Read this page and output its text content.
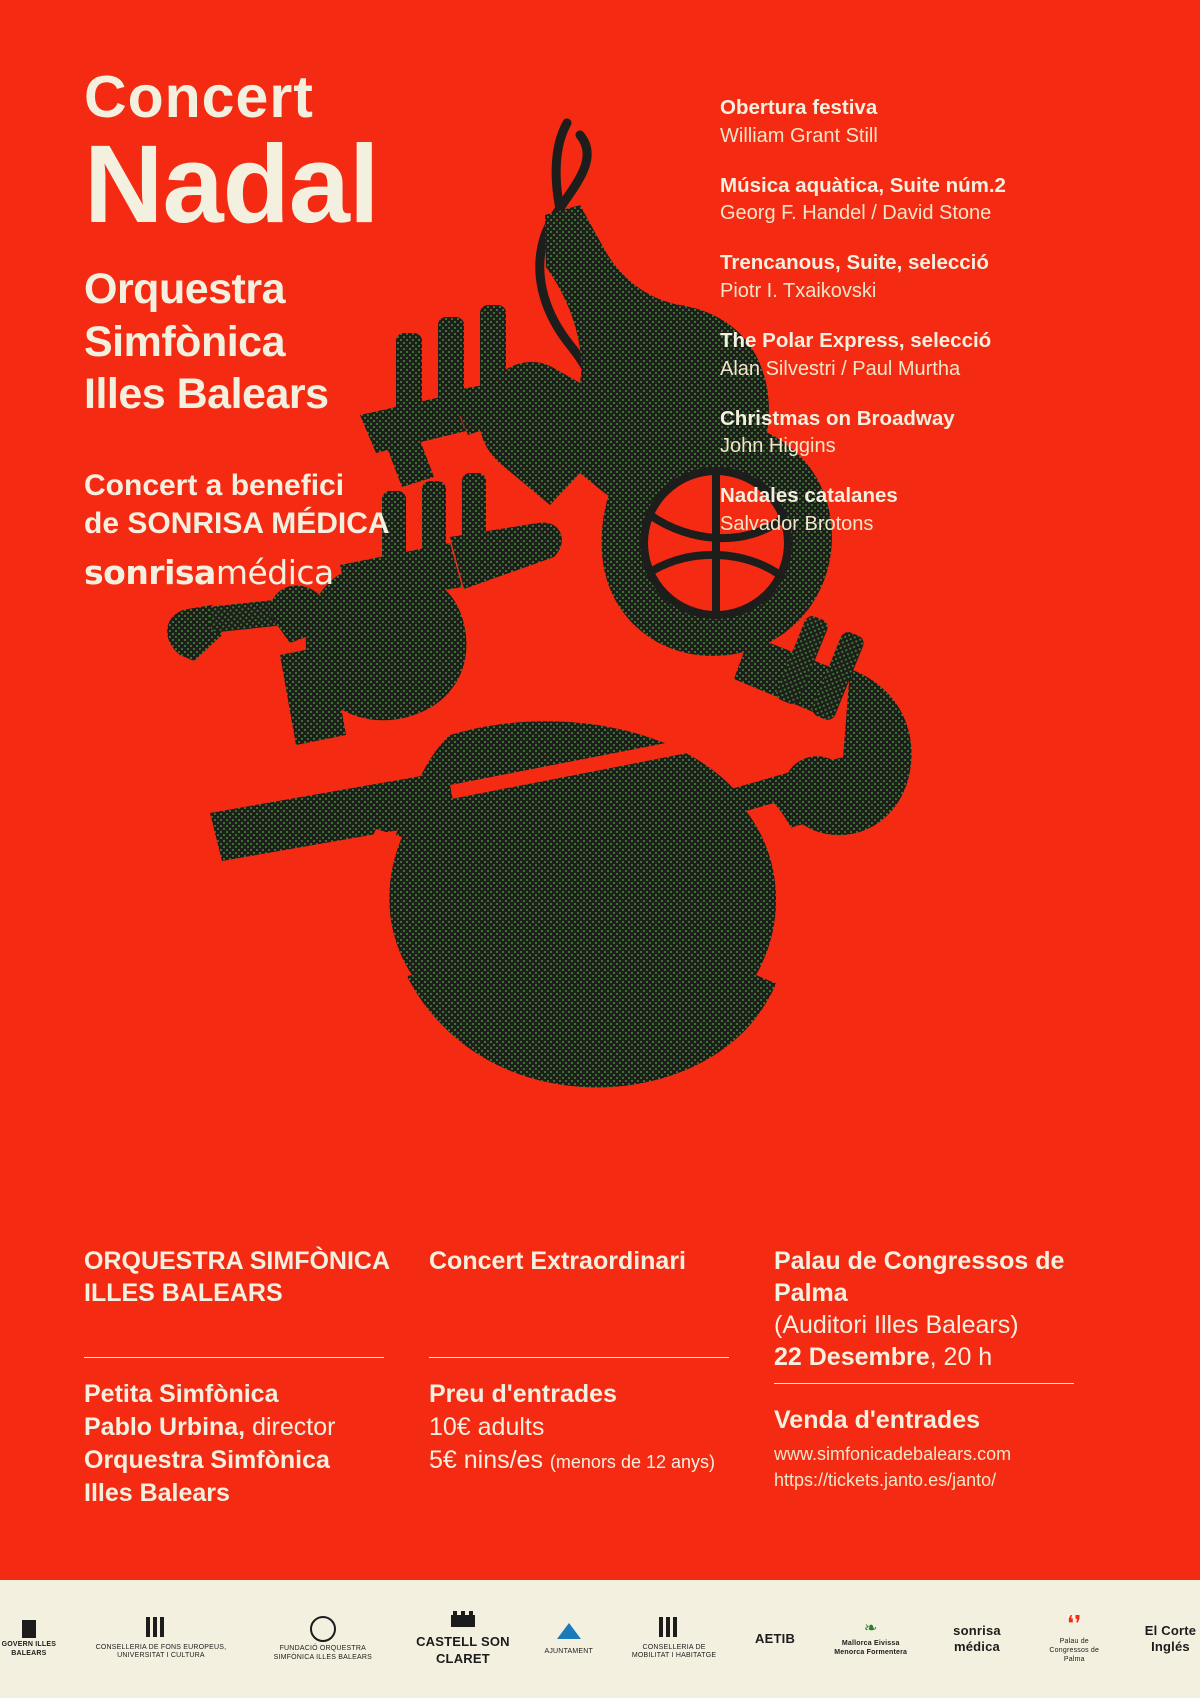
Concert
Nadal
Orquestra
Simfònica
Illes Balears
Concert a benefici
de SONRISA MÉDICA
sonrisamédica
Obertura festiva
William Grant Still
Música aquàtica, Suite núm.2
Georg F. Handel / David Stone
Trencanous, Suite, selecció
Piotr I. Txaikovski
The Polar Express, selecció
Alan Silvestri / Paul Murtha
Christmas on Broadway
John Higgins
Nadales catalanes
Salvador Brotons
ORQUESTRA SIMFÒNICA ILLES BALEARS
Petita Simfònica
Pablo Urbina, director
Orquestra Simfònica
Illes Balears
Concert Extraordinari
Preu d'entrades
10€ adults
5€ nins/es (menors de 12 anys)
Palau de Congressos de Palma
(Auditori Illes Balears)
22 Desembre, 20 h
Venda d'entrades
www.simfonicadebalears.com
https://tickets.janto.es/janto/
GOVERN ILLES BALEARS
CONSELLERIA DE FONS EUROPEUS, UNIVERSITAT I CULTURA
FUNDACIÓ ORQUESTRA SIMFÒNICA ILLES BALEARS
CASTELL SON CLARET	AJUNTAMENT
CONSELLERIA DE MOBILITAT I HABITATGE
AETIB
❧
Mallorca Eivissa Menorca Formentera
sonrisa médica
❛❜
Palau de Congressos de Palma
El Corte Inglés
